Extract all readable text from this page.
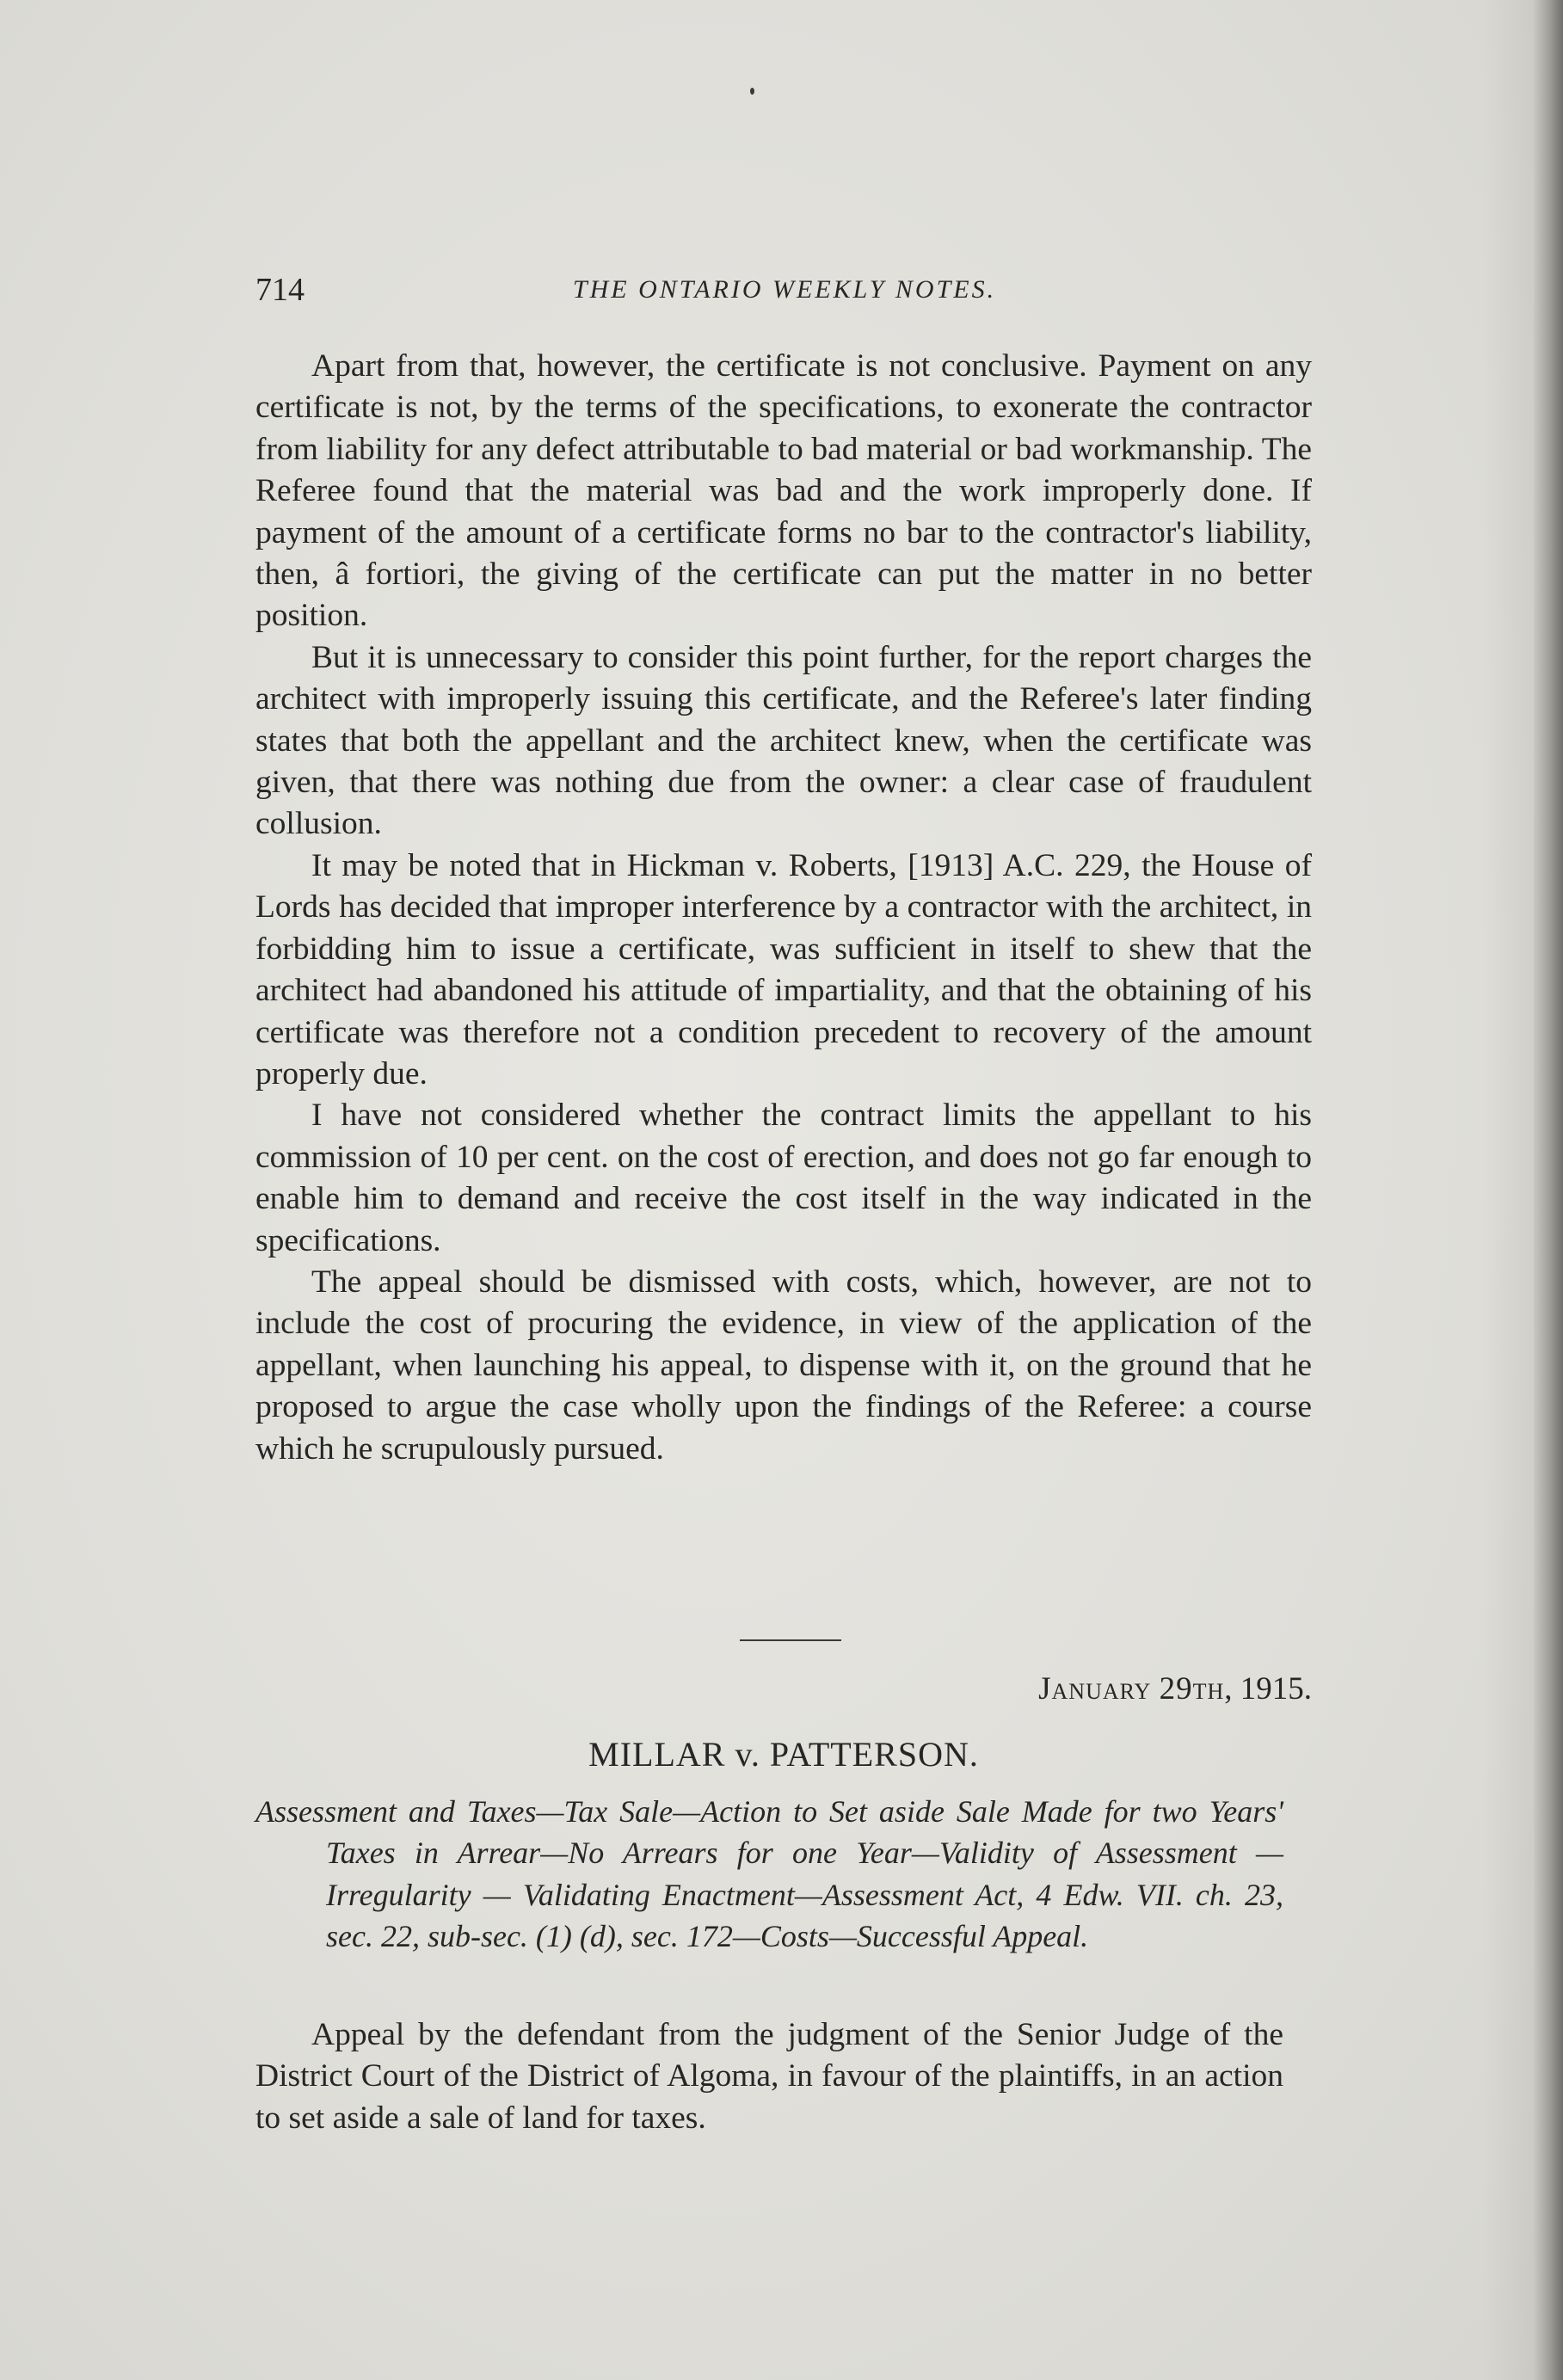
714	THE ONTARIO WEEKLY NOTES.

Apart from that, however, the certificate is not conclusive. Payment on any certificate is not, by the terms of the specifications, to exonerate the contractor from liability for any defect attributable to bad material or bad workmanship. The Referee found that the material was bad and the work improperly done. If payment of the amount of a certificate forms no bar to the contractor's liability, then, â fortiori, the giving of the certificate can put the matter in no better position.

But it is unnecessary to consider this point further, for the report charges the architect with improperly issuing this certificate, and the Referee's later finding states that both the appellant and the architect knew, when the certificate was given, that there was nothing due from the owner: a clear case of fraudulent collusion.

It may be noted that in Hickman v. Roberts, [1913] A.C. 229, the House of Lords has decided that improper interference by a contractor with the architect, in forbidding him to issue a certificate, was sufficient in itself to shew that the architect had abandoned his attitude of impartiality, and that the obtaining of his certificate was therefore not a condition precedent to recovery of the amount properly due.

I have not considered whether the contract limits the appellant to his commission of 10 per cent. on the cost of erection, and does not go far enough to enable him to demand and receive the cost itself in the way indicated in the specifications.

The appeal should be dismissed with costs, which, however, are not to include the cost of procuring the evidence, in view of the application of the appellant, when launching his appeal, to dispense with it, on the ground that he proposed to argue the case wholly upon the findings of the Referee: a course which he scrupulously pursued.

January 29th, 1915.
MILLAR v. PATTERSON.
Assessment and Taxes—Tax Sale—Action to Set aside Sale Made for two Years' Taxes in Arrear—No Arrears for one Year—Validity of Assessment — Irregularity — Validating Enactment—Assessment Act, 4 Edw. VII. ch. 23, sec. 22, sub-sec. (1) (d), sec. 172—Costs—Successful Appeal.
Appeal by the defendant from the judgment of the Senior Judge of the District Court of the District of Algoma, in favour of the plaintiffs, in an action to set aside a sale of land for taxes.
